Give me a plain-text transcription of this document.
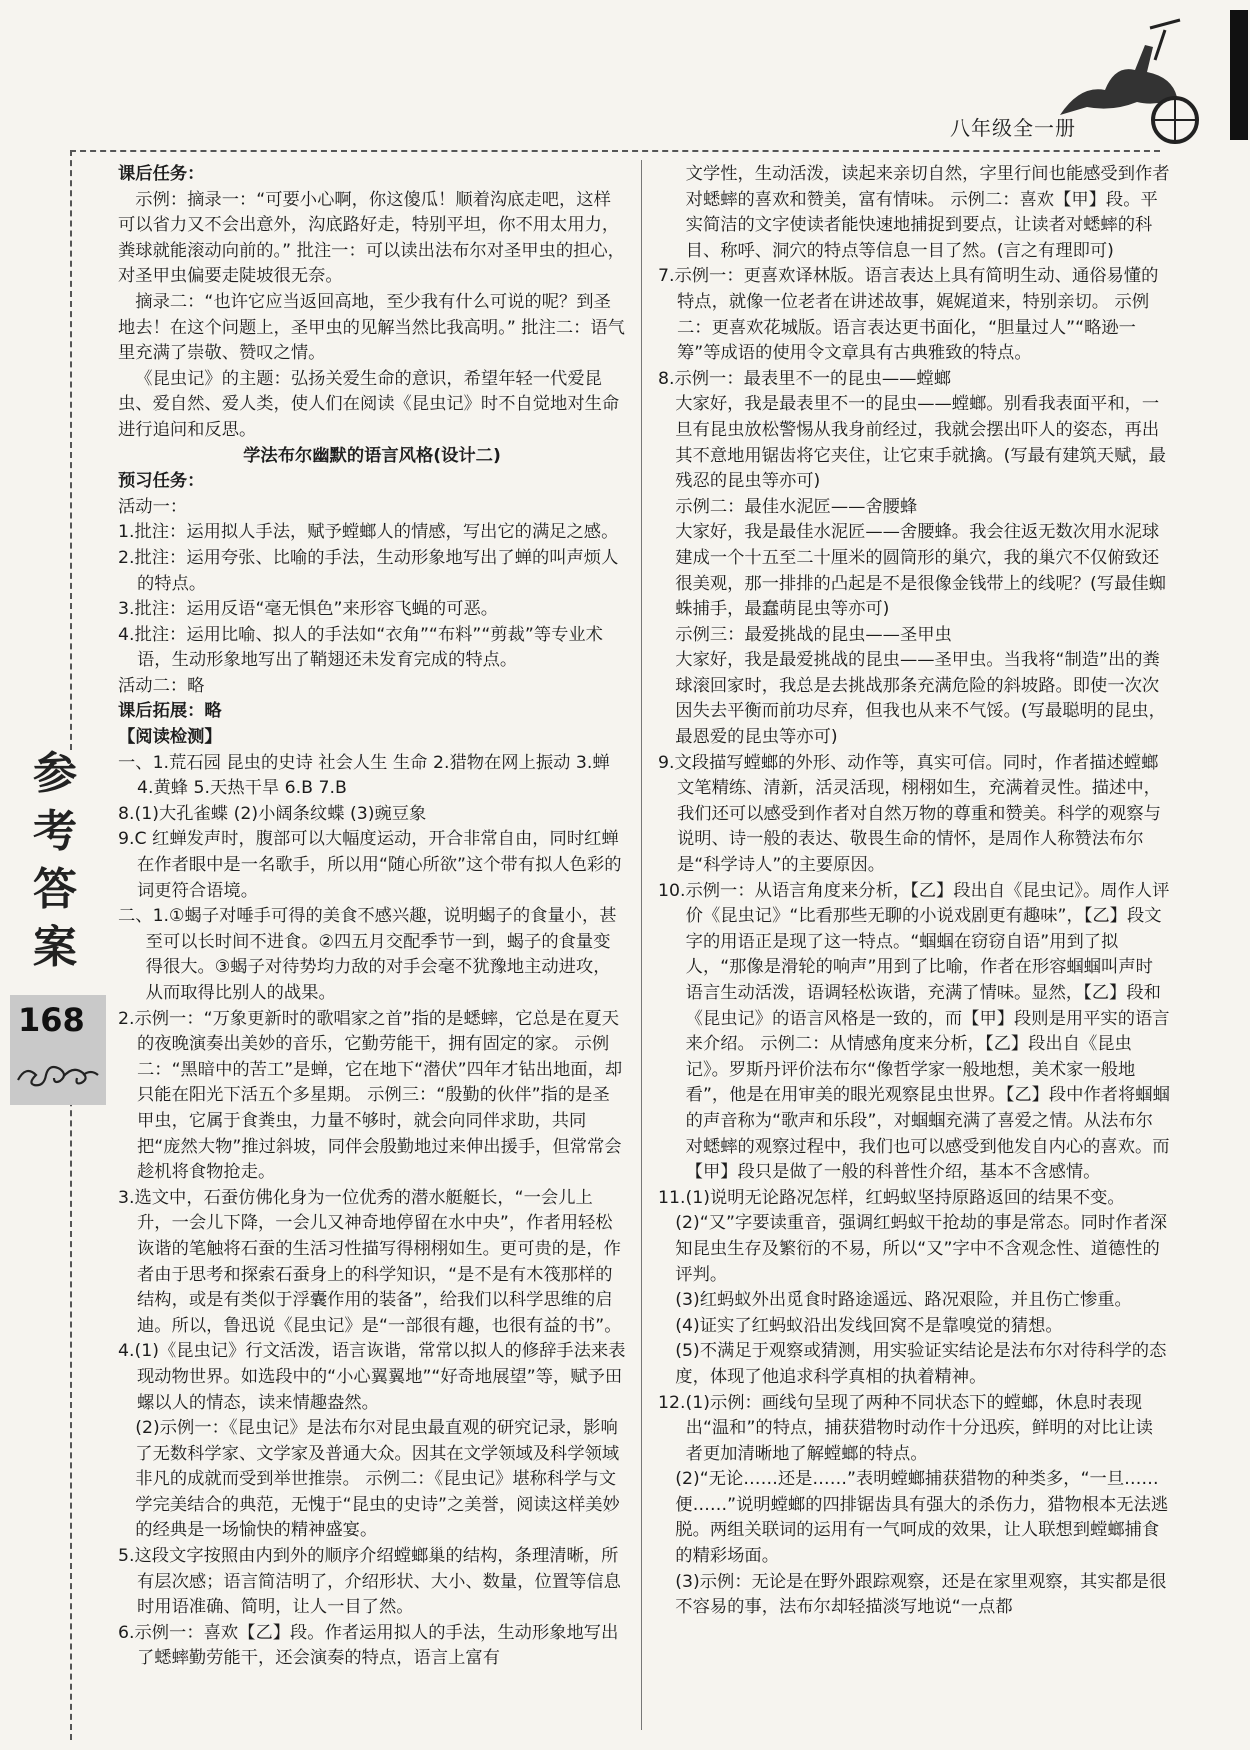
八年级全一册
参
考
答
案
168

课后任务：

示例：摘录一：“可要小心啊，你这傻瓜！顺着沟底走吧，这样可以省力又不会出意外，沟底路好走，特别平坦，你不用太用力，粪球就能滚动向前的。” 批注一：可以读出法布尔对圣甲虫的担心，对圣甲虫偏要走陡坡很无奈。

摘录二：“也许它应当返回高地，至少我有什么可说的呢？到圣地去！在这个问题上，圣甲虫的见解当然比我高明。” 批注二：语气里充满了崇敬、赞叹之情。

《昆虫记》的主题：弘扬关爱生命的意识，希望年轻一代爱昆虫、爱自然、爱人类，使人们在阅读《昆虫记》时不自觉地对生命进行追问和反思。

学法布尔幽默的语言风格(设计二)

预习任务：

活动一：

1.批注：运用拟人手法，赋予螳螂人的情感，写出它的满足之感。

2.批注：运用夸张、比喻的手法，生动形象地写出了蝉的叫声烦人的特点。

3.批注：运用反语“毫无惧色”来形容飞蝇的可恶。

4.批注：运用比喻、拟人的手法如“衣角”“布料”“剪裁”等专业术语，生动形象地写出了鞘翅还未发育完成的特点。

活动二：略

课后拓展：略

【阅读检测】

一、1.荒石园 昆虫的史诗 社会人生 生命 2.猎物在网上振动 3.蝉 4.黄蜂 5.天热干旱 6.B 7.B

8.(1)大孔雀蝶 (2)小阔条纹蝶 (3)豌豆象

9.C 红蝉发声时，腹部可以大幅度运动，开合非常自由，同时红蝉在作者眼中是一名歌手，所以用“随心所欲”这个带有拟人色彩的词更符合语境。

二、1.①蝎子对唾手可得的美食不感兴趣，说明蝎子的食量小，甚至可以长时间不进食。②四五月交配季节一到，蝎子的食量变得很大。③蝎子对待势均力敌的对手会毫不犹豫地主动进攻，从而取得比别人的战果。

2.示例一：“万象更新时的歌唱家之首”指的是蟋蟀，它总是在夏天的夜晚演奏出美妙的音乐，它勤劳能干，拥有固定的家。 示例二：“黑暗中的苦工”是蝉，它在地下“潜伏”四年才钻出地面，却只能在阳光下活五个多星期。 示例三：“殷勤的伙伴”指的是圣甲虫，它属于食粪虫，力量不够时，就会向同伴求助，共同把“庞然大物”推过斜坡，同伴会殷勤地过来伸出援手，但常常会趁机将食物抢走。

3.选文中，石蚕仿佛化身为一位优秀的潜水艇艇长，“一会儿上升，一会儿下降，一会儿又神奇地停留在水中央”，作者用轻松诙谐的笔触将石蚕的生活习性描写得栩栩如生。更可贵的是，作者由于思考和探索石蚕身上的科学知识，“是不是有木筏那样的结构，或是有类似于浮囊作用的装备”，给我们以科学思维的启迪。所以，鲁迅说《昆虫记》是“一部很有趣，也很有益的书”。

4.(1)《昆虫记》行文活泼，语言诙谐，常常以拟人的修辞手法来表现动物世界。如选段中的“小心翼翼地”“好奇地展望”等，赋予田螺以人的情态，读来情趣盎然。

(2)示例一：《昆虫记》是法布尔对昆虫最直观的研究记录，影响了无数科学家、文学家及普通大众。因其在文学领域及科学领域非凡的成就而受到举世推崇。 示例二：《昆虫记》堪称科学与文学完美结合的典范，无愧于“昆虫的史诗”之美誉，阅读这样美妙的经典是一场愉快的精神盛宴。

5.这段文字按照由内到外的顺序介绍螳螂巢的结构，条理清晰，所有层次感；语言简洁明了，介绍形状、大小、数量，位置等信息时用语准确、简明，让人一目了然。

6.示例一：喜欢【乙】段。作者运用拟人的手法，生动形象地写出了蟋蟀勤劳能干，还会演奏的特点，语言上富有

文学性，生动活泼，读起来亲切自然，字里行间也能感受到作者对蟋蟀的喜欢和赞美，富有情味。 示例二：喜欢【甲】段。平实简洁的文字使读者能快速地捕捉到要点，让读者对蟋蟀的科目、称呼、洞穴的特点等信息一目了然。(言之有理即可)

7.示例一：更喜欢译林版。语言表达上具有简明生动、通俗易懂的特点，就像一位老者在讲述故事，娓娓道来，特别亲切。 示例二：更喜欢花城版。语言表达更书面化，“胆量过人”“略逊一筹”等成语的使用令文章具有古典雅致的特点。

8.示例一：最表里不一的昆虫——螳螂

大家好，我是最表里不一的昆虫——螳螂。别看我表面平和，一旦有昆虫放松警惕从我身前经过，我就会摆出吓人的姿态，再出其不意地用锯齿将它夹住，让它束手就擒。(写最有建筑天赋，最残忍的昆虫等亦可)

示例二：最佳水泥匠——舍腰蜂

大家好，我是最佳水泥匠——舍腰蜂。我会往返无数次用水泥球建成一个十五至二十厘米的圆筒形的巢穴，我的巢穴不仅俯致还很美观，那一排排的凸起是不是很像金钱带上的线呢？(写最佳蜘蛛捕手，最蠢萌昆虫等亦可)

示例三：最爱挑战的昆虫——圣甲虫

大家好，我是最爱挑战的昆虫——圣甲虫。当我将“制造”出的粪球滚回家时，我总是去挑战那条充满危险的斜坡路。即使一次次因失去平衡而前功尽弃，但我也从来不气馁。(写最聪明的昆虫，最恩爱的昆虫等亦可)

9.文段描写螳螂的外形、动作等，真实可信。同时，作者描述螳螂文笔精练、清新，活灵活现，栩栩如生，充满着灵性。描述中，我们还可以感受到作者对自然万物的尊重和赞美。科学的观察与说明、诗一般的表达、敬畏生命的情怀，是周作人称赞法布尔是“科学诗人”的主要原因。

10.示例一：从语言角度来分析，【乙】段出自《昆虫记》。周作人评价《昆虫记》“比看那些无聊的小说戏剧更有趣味”，【乙】段文字的用语正是现了这一特点。“蝈蝈在窃窃自语”用到了拟人，“那像是滑轮的响声”用到了比喻，作者在形容蝈蝈叫声时语言生动活泼，语调轻松诙谐，充满了情味。显然，【乙】段和《昆虫记》的语言风格是一致的，而【甲】段则是用平实的语言来介绍。 示例二：从情感角度来分析，【乙】段出自《昆虫记》。罗斯丹评价法布尔“像哲学家一般地想，美术家一般地看”，他是在用审美的眼光观察昆虫世界。【乙】段中作者将蝈蝈的声音称为“歌声和乐段”，对蝈蝈充满了喜爱之情。从法布尔对蟋蟀的观察过程中，我们也可以感受到他发自内心的喜欢。而【甲】段只是做了一般的科普性介绍，基本不含感情。

11.(1)说明无论路况怎样，红蚂蚁坚持原路返回的结果不变。

(2)“又”字要读重音，强调红蚂蚁干抢劫的事是常态。同时作者深知昆虫生存及繁衍的不易，所以“又”字中不含观念性、道德性的评判。

(3)红蚂蚁外出觅食时路途遥远、路况艰险，并且伤亡惨重。

(4)证实了红蚂蚁沿出发线回窝不是靠嗅觉的猜想。

(5)不满足于观察或猜测，用实验证实结论是法布尔对待科学的态度，体现了他追求科学真相的执着精神。

12.(1)示例：画线句呈现了两种不同状态下的螳螂，休息时表现出“温和”的特点，捕获猎物时动作十分迅疾，鲜明的对比让读者更加清晰地了解螳螂的特点。

(2)“无论……还是……”表明螳螂捕获猎物的种类多，“一旦……便……”说明螳螂的四排锯齿具有强大的杀伤力，猎物根本无法逃脱。两组关联词的运用有一气呵成的效果，让人联想到螳螂捕食的精彩场面。

(3)示例：无论是在野外跟踪观察，还是在家里观察，其实都是很不容易的事，法布尔却轻描淡写地说“一点都
